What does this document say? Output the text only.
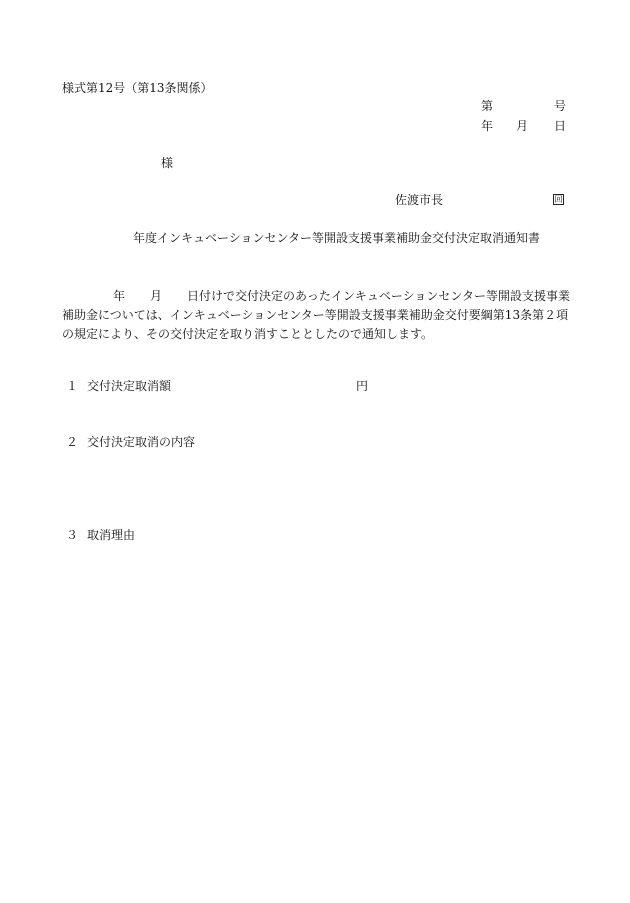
様式第12号（第13条関係）
第	号
年 月 日
様
佐渡市長	回
年度インキュベーションセンター等開設支援事業補助金交付決定取消通知書
年 月 日付けで交付決定のあったインキュベーションセンター等開設支援事業
補助金については、インキュベーションセンター等開設支援事業補助金交付要綱第13条第２項
の規定により、その交付決定を取り消すこととしたので通知します。
１ 交付決定取消額	円
２ 交付決定取消の内容
３ 取消理由
